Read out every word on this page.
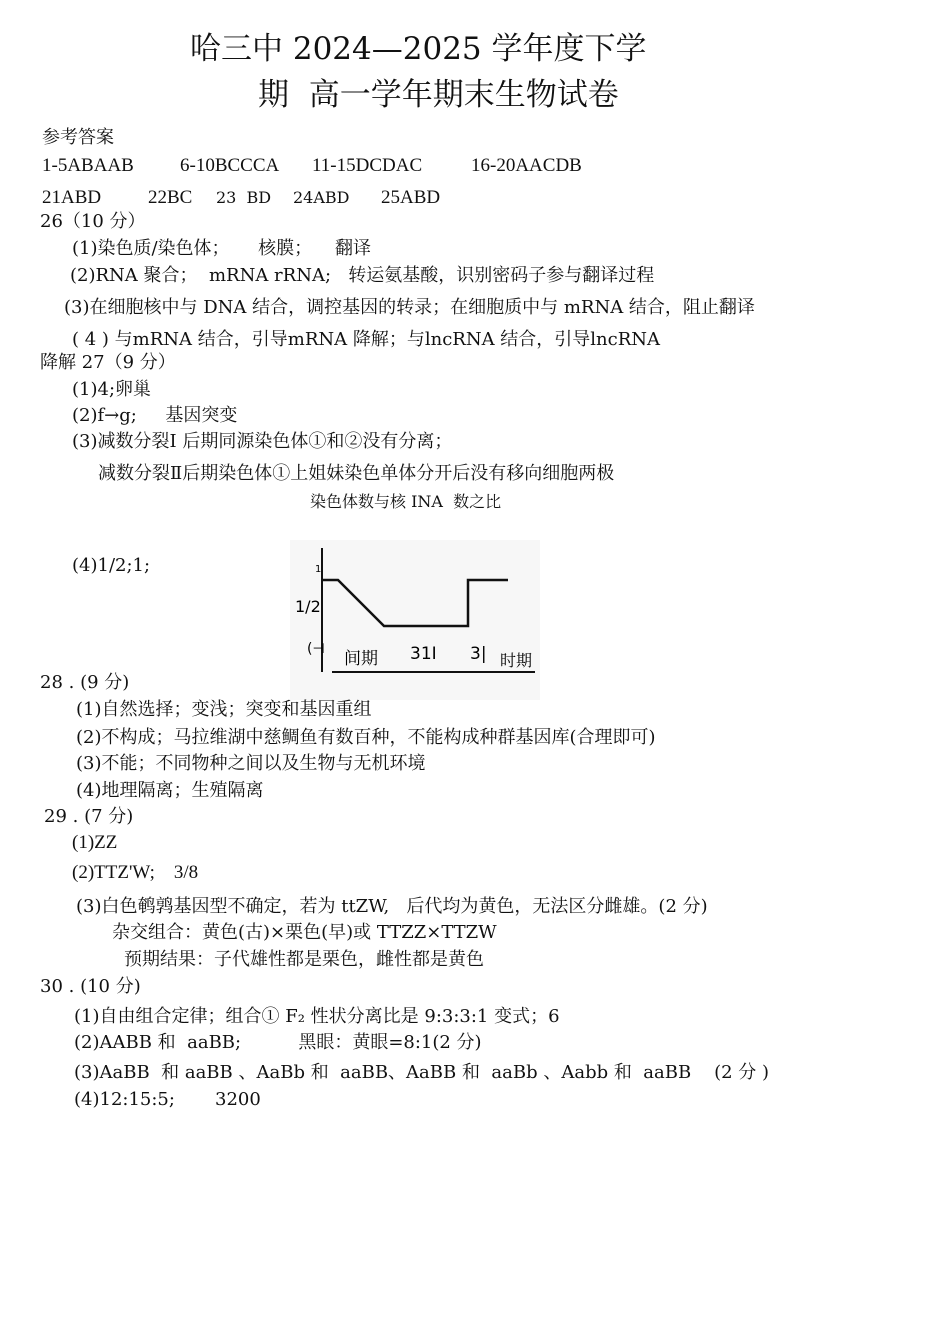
哈三中 2024—2025 学年度下学
期  高一学年期末生物试卷
参考答案
1-5ABAAB 6-10BCCCA 11-15DCDAC	16-20AACDB
21ABD 22BC 23  BD 24ABD 25ABD
26（10 分）
(1)染色质/染色体；     核膜；    翻译
(2)RNA 聚合；  mRNA rRNA;   转运氨基酸，识别密码子参与翻译过程
(3)在细胞核中与 DNA 结合，调控基因的转录；在细胞质中与 mRNA 结合，阻止翻译
( 4 ) 与mRNA 结合，引导mRNA 降解；与lncRNA 结合，引导lncRNA
降解 27（9 分）
(1)4;卵巢
(2)f→g;     基因突变
(3)减数分裂Ⅰ 后期同源染色体①和②没有分离；
减数分裂Ⅱ后期染色体①上姐妹染色单体分开后没有移向细胞两极
染色体数与核 INA  数之比
(4)1/2;1;	1
1/2
(⊣ 间期 31I 3| 时期
28 . (9 分)
(1)自然选择；变浅；突变和基因重组
(2)不构成；马拉维湖中慈鲷鱼有数百种，不能构成种群基因库(合理即可)
(3)不能；不同物种之间以及生物与无机环境
(4)地理隔离；生殖隔离
29 . (7 分)
(1)ZZ
(2)TTZ'W;    3/8
(3)白色鹌鹑基因型不确定，若为 ttZW,   后代均为黄色，无法区分雌雄。(2 分)
杂交组合：黄色(古)×栗色(早)或 TTZZ×TTZW
预期结果：子代雄性都是栗色，雌性都是黄色
30 . (10 分)
(1)自由组合定律；组合① F₂ 性状分离比是 9:3:3:1 变式；6
(2)AABB 和  aaBB;          黑眼：黄眼=8:1(2 分)
(3)AaBB  和 aaBB 、AaBb 和  aaBB、AaBB 和  aaBb 、Aabb 和  aaBB    (2 分 )
(4)12:15:5;       3200
